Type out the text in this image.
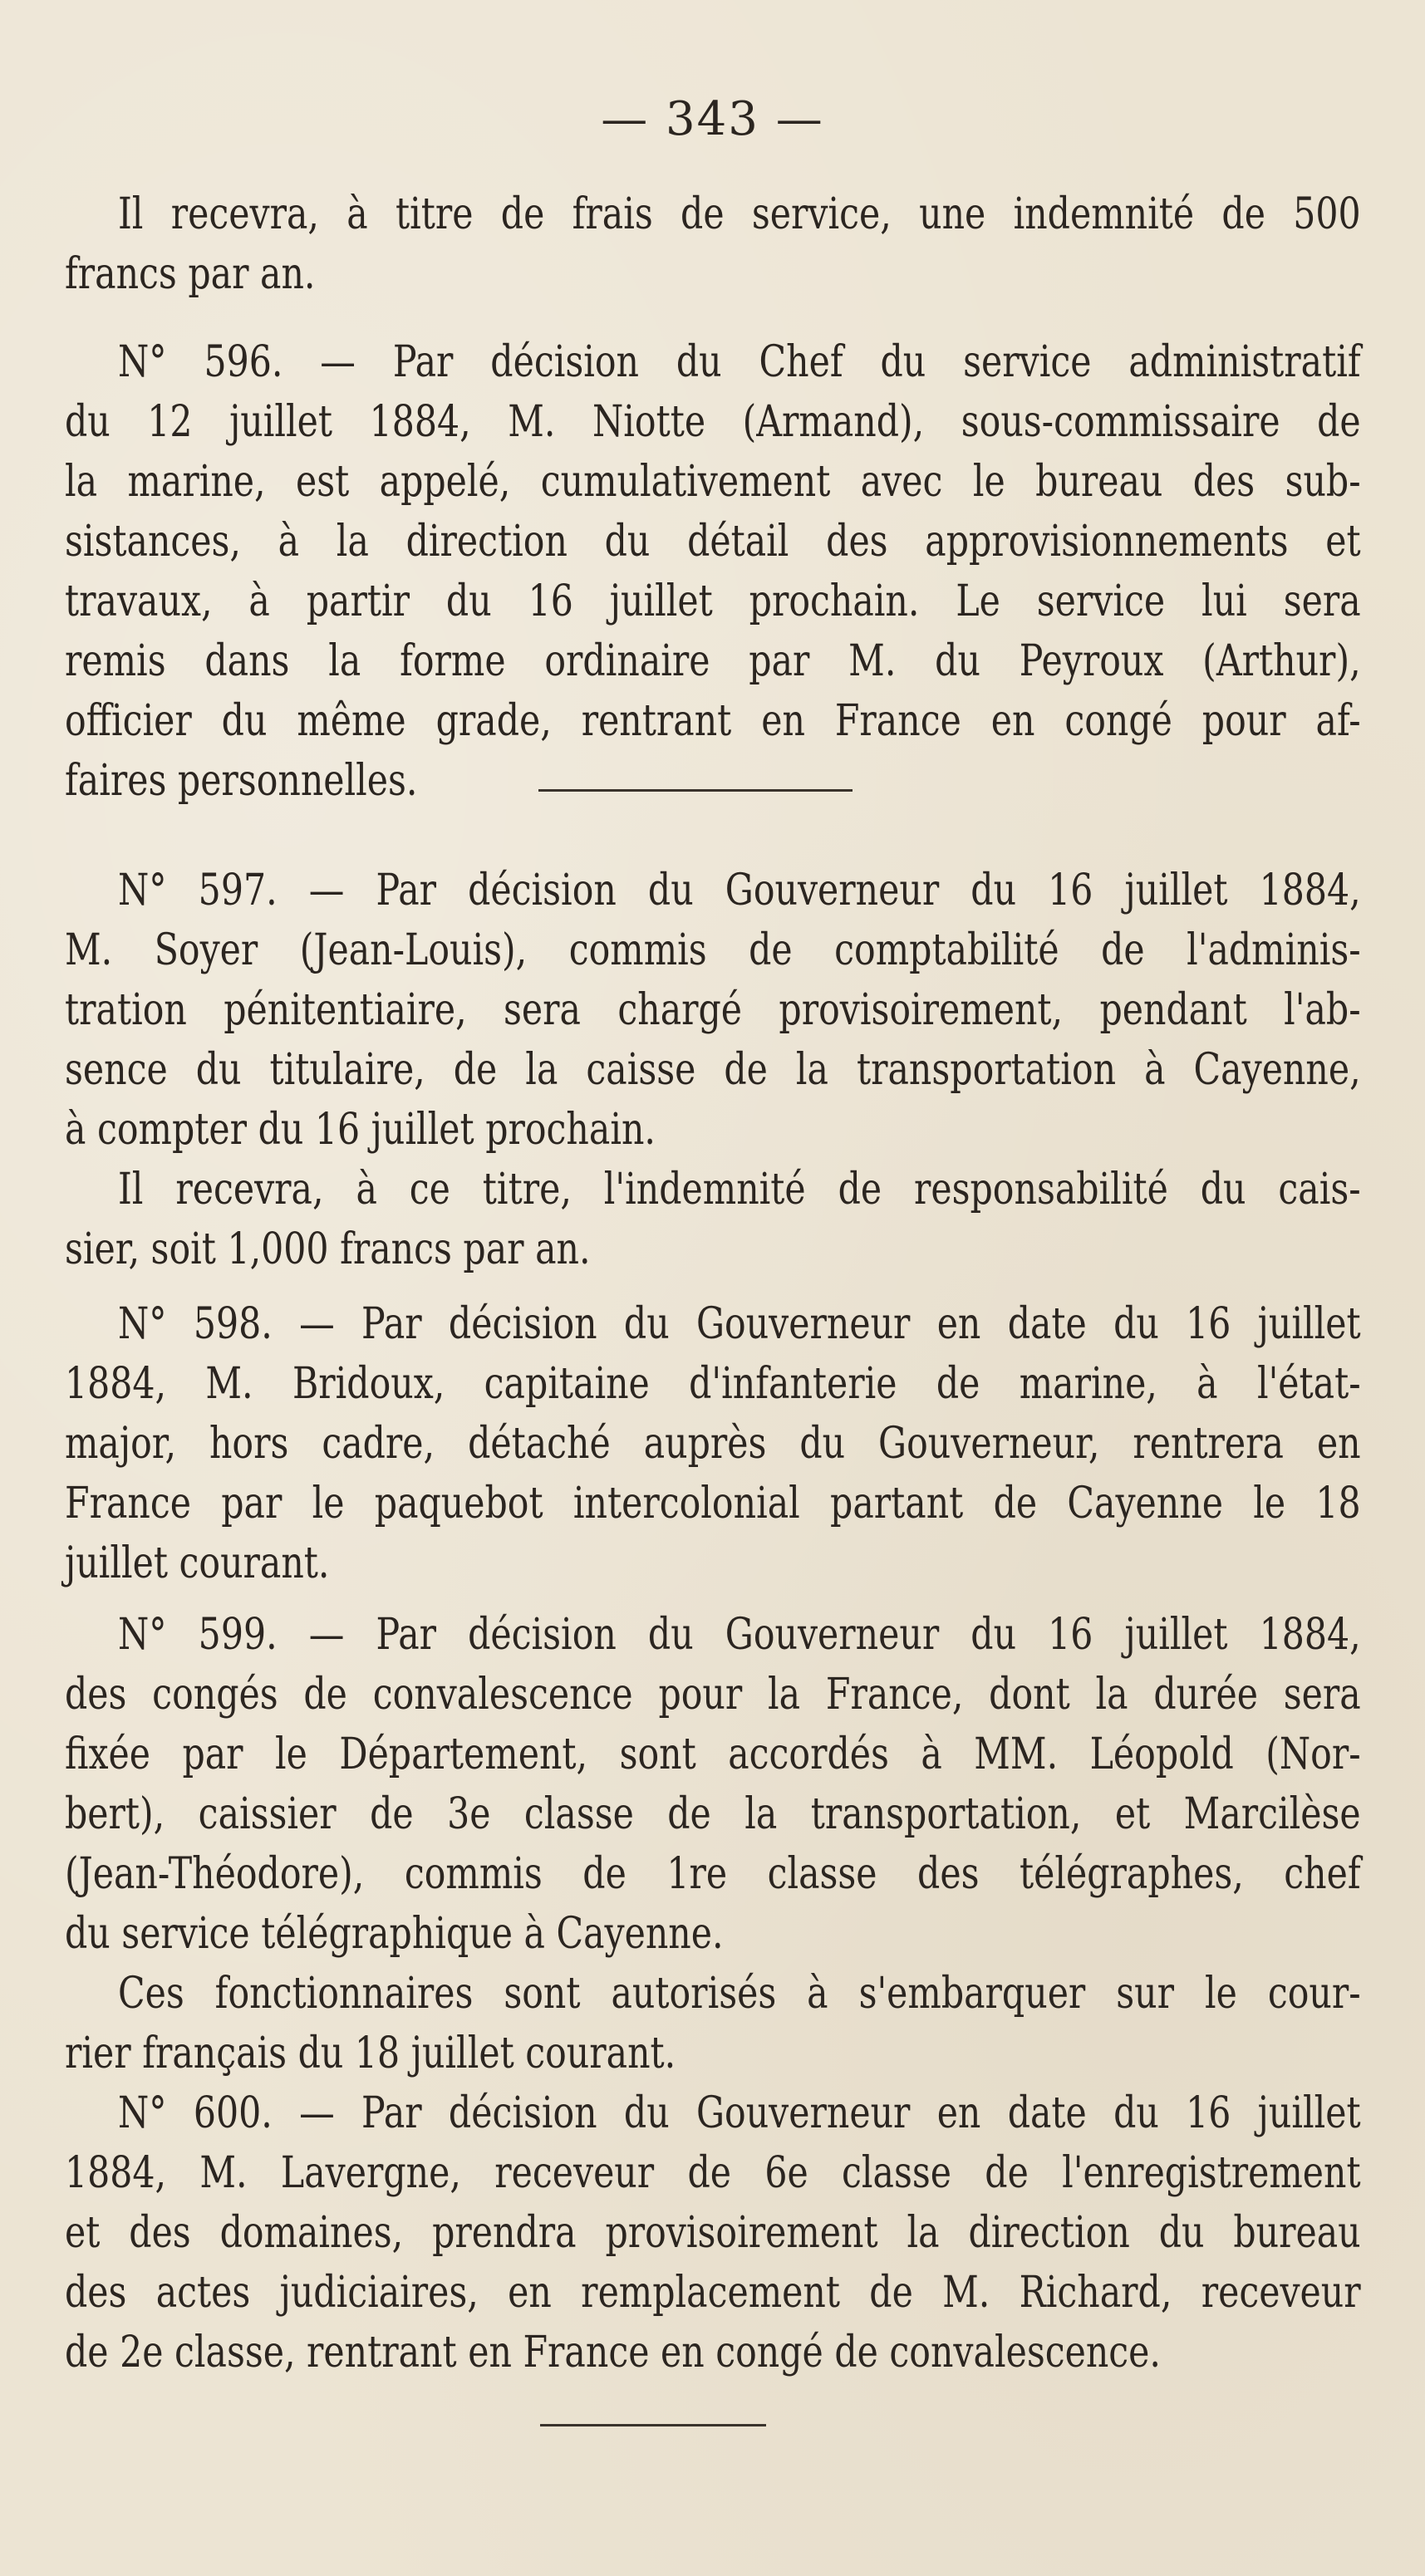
— 343 —
Il recevra, à titre de frais de service, une indemnité de 500
francs par an.
N° 596. — Par décision du Chef du service administratif
du 12 juillet 1884, M. Niotte (Armand), sous-commissaire de
la marine, est appelé, cumulativement avec le bureau des sub-
sistances, à la direction du détail des approvisionnements et
travaux, à partir du 16 juillet prochain. Le service lui sera
remis dans la forme ordinaire par M. du Peyroux (Arthur),
officier du même grade, rentrant en France en congé pour af-
faires personnelles.
N° 597. — Par décision du Gouverneur du 16 juillet 1884,
M. Soyer (Jean-Louis), commis de comptabilité de l'adminis-
tration pénitentiaire, sera chargé provisoirement, pendant l'ab-
sence du titulaire, de la caisse de la transportation à Cayenne,
à compter du 16 juillet prochain.
Il recevra, à ce titre, l'indemnité de responsabilité du cais-
sier, soit 1,000 francs par an.
N° 598. — Par décision du Gouverneur en date du 16 juillet
1884, M. Bridoux, capitaine d'infanterie de marine, à l'état-
major, hors cadre, détaché auprès du Gouverneur, rentrera en
France par le paquebot intercolonial partant de Cayenne le 18
juillet courant.
N° 599. — Par décision du Gouverneur du 16 juillet 1884,
des congés de convalescence pour la France, dont la durée sera
fixée par le Département, sont accordés à MM. Léopold (Nor-
bert), caissier de 3e classe de la transportation, et Marcilèse
(Jean-Théodore), commis de 1re classe des télégraphes, chef
du service télégraphique à Cayenne.
Ces fonctionnaires sont autorisés à s'embarquer sur le cour-
rier français du 18 juillet courant.
N° 600. — Par décision du Gouverneur en date du 16 juillet
1884, M. Lavergne, receveur de 6e classe de l'enregistrement
et des domaines, prendra provisoirement la direction du bureau
des actes judiciaires, en remplacement de M. Richard, receveur
de 2e classe, rentrant en France en congé de convalescence.
